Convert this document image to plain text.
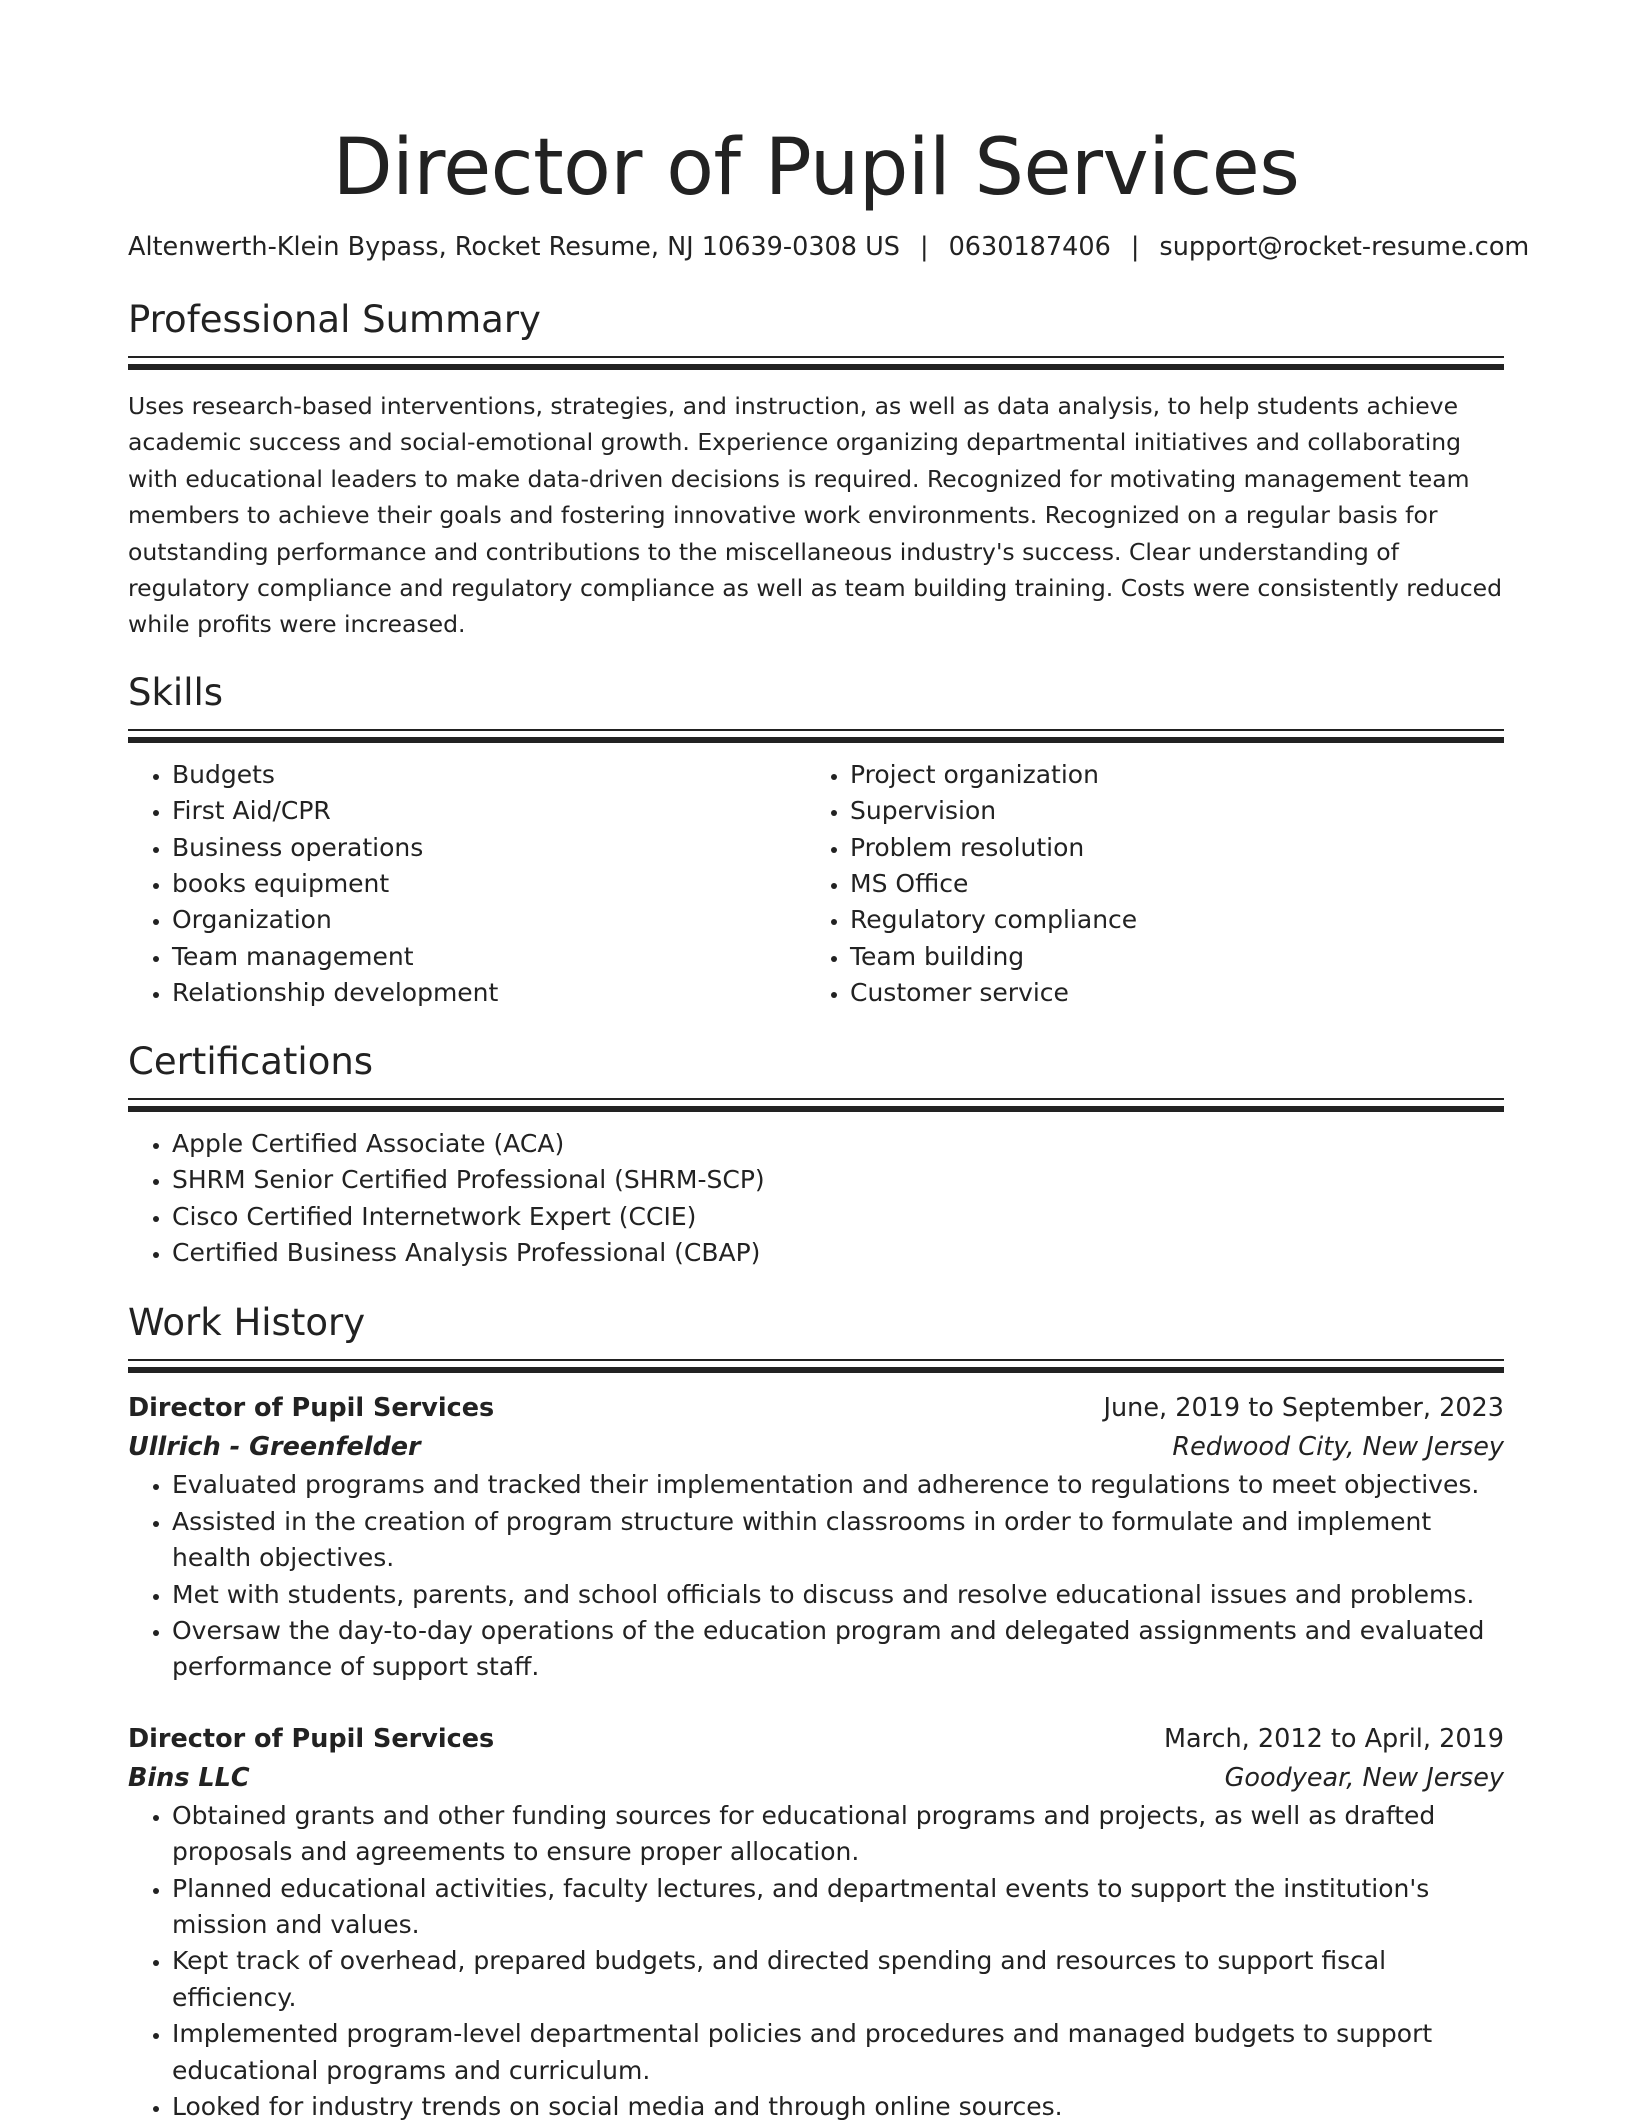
Director of Pupil Services
Altenwerth-Klein Bypass, Rocket Resume, NJ 10639-0308 US | 0630187406 | support@rocket-resume.com
Professional Summary

Uses research-based interventions, strategies, and instruction, as well as data analysis, to help students achieve academic success and social-emotional growth. Experience organizing departmental initiatives and collaborating with educational leaders to make data-driven decisions is required. Recognized for motivating management team members to achieve their goals and fostering innovative work environments. Recognized on a regular basis for outstanding performance and contributions to the miscellaneous industry's success. Clear understanding of regulatory compliance and regulatory compliance as well as team building training. Costs were consistently reduced while profits were increased.

Skills
• Budgets
• First Aid/CPR
• Business operations
• books equipment
• Organization
• Team management
• Relationship development
• Project organization
• Supervision
• Problem resolution
• MS Office
• Regulatory compliance
• Team building
• Customer service
Certifications
• Apple Certified Associate (ACA)
• SHRM Senior Certified Professional (SHRM-SCP)
• Cisco Certified Internetwork Expert (CCIE)
• Certified Business Analysis Professional (CBAP)
Work History
Director of Pupil Services	June, 2019 to September, 2023
Ullrich - Greenfelder	Redwood City, New Jersey
• Evaluated programs and tracked their implementation and adherence to regulations to meet objectives.
• Assisted in the creation of program structure within classrooms in order to formulate and implement health objectives.
• Met with students, parents, and school officials to discuss and resolve educational issues and problems.
• Oversaw the day-to-day operations of the education program and delegated assignments and evaluated performance of support staff.
Director of Pupil Services	March, 2012 to April, 2019
Bins LLC	Goodyear, New Jersey
• Obtained grants and other funding sources for educational programs and projects, as well as drafted proposals and agreements to ensure proper allocation.
• Planned educational activities, faculty lectures, and departmental events to support the institution's mission and values.
• Kept track of overhead, prepared budgets, and directed spending and resources to support fiscal efficiency.
• Implemented program-level departmental policies and procedures and managed budgets to support educational programs and curriculum.
• Looked for industry trends on social media and through online sources.
